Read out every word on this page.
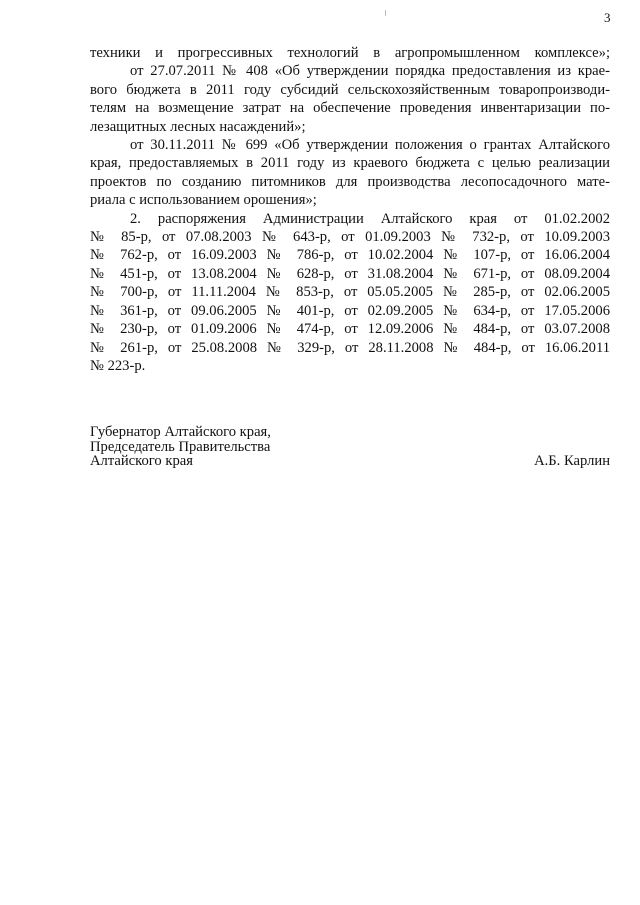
3
техники и прогрессивных технологий в агропромышленном комплексе»;
от 27.07.2011 № 408 «Об утверждении порядка предоставления из крае-
вого бюджета в 2011 году субсидий сельскохозяйственным товаропроизводи-
телям на возмещение затрат на обеспечение проведения инвентаризации по-
лезащитных лесных насаждений»;
от 30.11.2011 № 699 «Об утверждении положения о грантах Алтайского
края, предоставляемых в 2011 году из краевого бюджета с целью реализации
проектов по созданию питомников для производства лесопосадочного мате-
риала с использованием орошения»;
2. распоряжения Администрации Алтайского края от 01.02.2002
№ 85-р, от 07.08.2003 № 643-р, от 01.09.2003 № 732-р, от 10.09.2003
№ 762-р, от 16.09.2003 № 786-р, от 10.02.2004 № 107-р, от 16.06.2004
№ 451-р, от 13.08.2004 № 628-р, от 31.08.2004 № 671-р, от 08.09.2004
№ 700-р, от 11.11.2004 № 853-р, от 05.05.2005 № 285-р, от 02.06.2005
№ 361-р, от 09.06.2005 № 401-р, от 02.09.2005 № 634-р, от 17.05.2006
№ 230-р, от 01.09.2006 № 474-р, от 12.09.2006 № 484-р, от 03.07.2008
№ 261-р, от 25.08.2008 № 329-р, от 28.11.2008 № 484-р, от 16.06.2011
№ 223-р.
Губернатор Алтайского края,
Председатель Правительства
Алтайского края	А.Б. Карлин
